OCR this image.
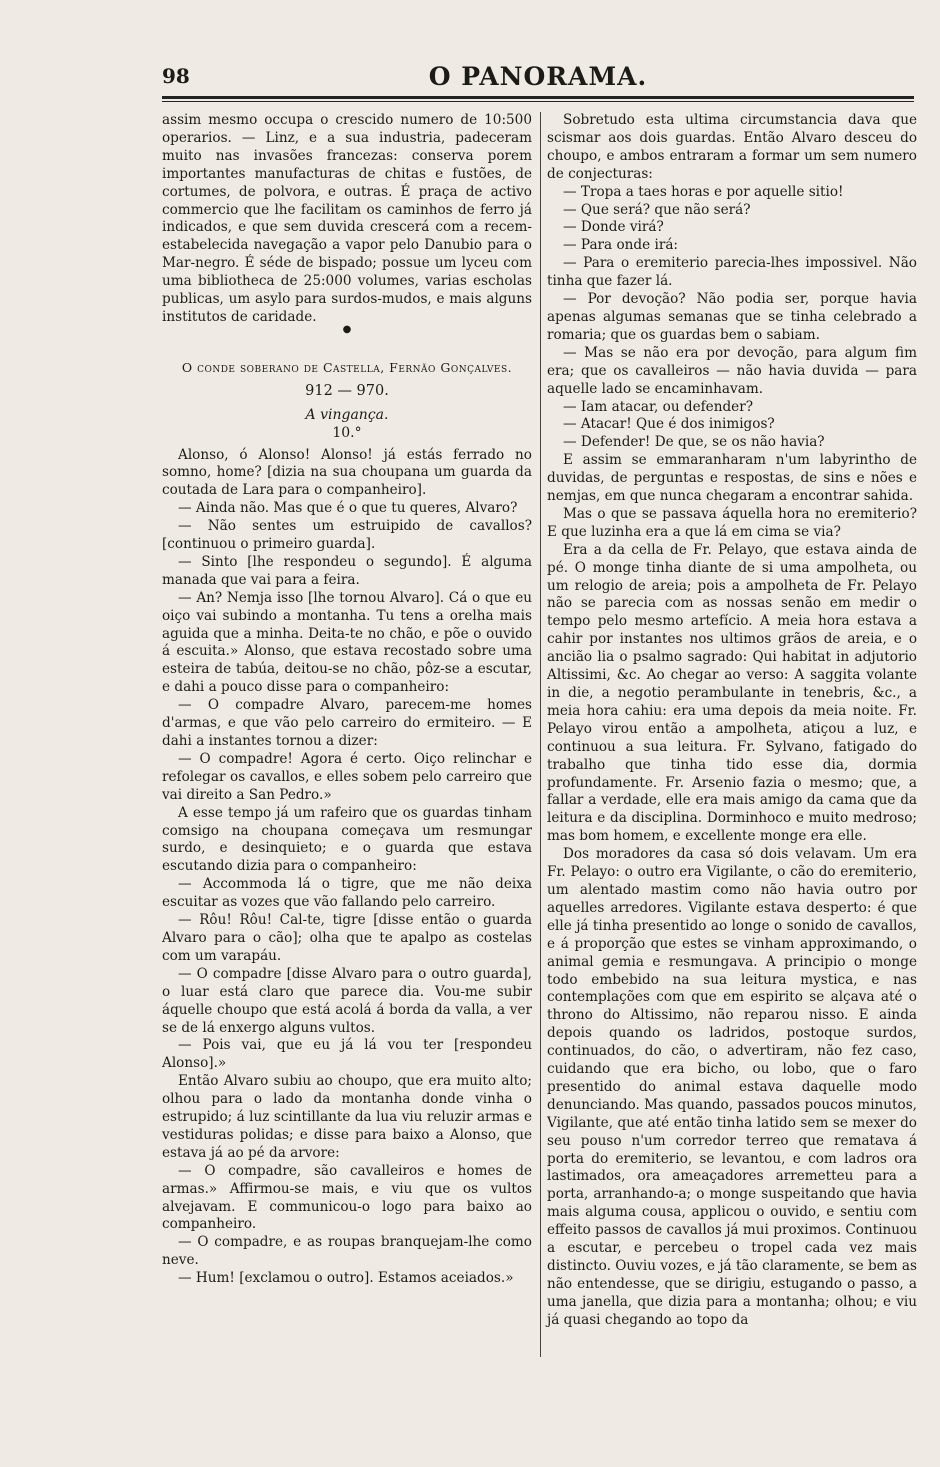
98	O PANORAMA.

assim mesmo occupa o crescido numero de 10:500 operarios. — Linz, e a sua industria, padeceram muito nas invasões francezas: conserva porem importantes manufacturas de chitas e fustões, de cortumes, de polvora, e outras. É praça de activo commercio que lhe facilitam os caminhos de ferro já indicados, e que sem duvida crescerá com a recem-estabelecida navegação a vapor pelo Danubio para o Mar-negro. É séde de bispado; possue um lyceu com uma bibliotheca de 25:000 volumes, varias escholas publicas, um asylo para surdos-mudos, e mais alguns institutos de caridade.

●

O conde soberano de Castella, Fernão Gonçalves.

912 — 970.

A vingança.

10.°

Alonso, ó Alonso! Alonso! já estás ferrado no somno, home? [dizia na sua choupana um guarda da coutada de Lara para o companheiro].

— Ainda não. Mas que é o que tu queres, Alvaro?

— Não sentes um estruipido de cavallos? [continuou o primeiro guarda].

— Sinto [lhe respondeu o segundo]. É alguma manada que vai para a feira.

— An? Nemja isso [lhe tornou Alvaro]. Cá o que eu oiço vai subindo a montanha. Tu tens a orelha mais aguida que a minha. Deita-te no chão, e põe o ouvido á escuita.» Alonso, que estava recostado sobre uma esteira de tabúa, deitou-se no chão, pôz-se a escutar, e dahi a pouco disse para o companheiro:

— O compadre Alvaro, parecem-me homes d'armas, e que vão pelo carreiro do ermiteiro. — E dahi a instantes tornou a dizer:

— O compadre! Agora é certo. Oiço relinchar e refolegar os cavallos, e elles sobem pelo carreiro que vai direito a San Pedro.»

A esse tempo já um rafeiro que os guardas tinham comsigo na choupana começava um resmungar surdo, e desinquieto; e o guarda que estava escutando dizia para o companheiro:

— Accommoda lá o tigre, que me não deixa escuitar as vozes que vão fallando pelo carreiro.

— Rôu! Rôu! Cal-te, tigre [disse então o guarda Alvaro para o cão]; olha que te apalpo as costelas com um varapáu.

— O compadre [disse Alvaro para o outro guarda], o luar está claro que parece dia. Vou-me subir áquelle choupo que está acolá á borda da valla, a ver se de lá enxergo alguns vultos.

— Pois vai, que eu já lá vou ter [respondeu Alonso].»

Então Alvaro subiu ao choupo, que era muito alto; olhou para o lado da montanha donde vinha o estrupido; á luz scintillante da lua viu reluzir armas e vestiduras polidas; e disse para baixo a Alonso, que estava já ao pé da arvore:

— O compadre, são cavalleiros e homes de armas.» Affirmou-se mais, e viu que os vultos alvejavam. E communicou-o logo para baixo ao companheiro.

— O compadre, e as roupas branquejam-lhe como neve.

— Hum! [exclamou o outro]. Estamos aceiados.»

Sobretudo esta ultima circumstancia dava que scismar aos dois guardas. Então Alvaro desceu do choupo, e ambos entraram a formar um sem numero de conjecturas:

— Tropa a taes horas e por aquelle sitio!

— Que será? que não será?

— Donde virá?

— Para onde irá:

— Para o eremiterio parecia-lhes impossivel. Não tinha que fazer lá.

— Por devoção? Não podia ser, porque havia apenas algumas semanas que se tinha celebrado a romaria; que os guardas bem o sabiam.

— Mas se não era por devoção, para algum fim era; que os cavalleiros — não havia duvida — para aquelle lado se encaminhavam.

— Iam atacar, ou defender?

— Atacar! Que é dos inimigos?

— Defender! De que, se os não havia?

E assim se emmaranharam n'um labyrintho de duvidas, de perguntas e respostas, de sins e nões e nemjas, em que nunca chegaram a encontrar sahida.

Mas o que se passava áquella hora no eremiterio? E que luzinha era a que lá em cima se via?

Era a da cella de Fr. Pelayo, que estava ainda de pé. O monge tinha diante de si uma ampolheta, ou um relogio de areia; pois a ampolheta de Fr. Pelayo não se parecia com as nossas senão em medir o tempo pelo mesmo artefício. A meia hora estava a cahir por instantes nos ultimos grãos de areia, e o ancião lia o psalmo sagrado: Qui habitat in adjutorio Altissimi, &c. Ao chegar ao verso: A saggita volante in die, a negotio perambulante in tenebris, &c., a meia hora cahiu: era uma depois da meia noite. Fr. Pelayo virou então a ampolheta, atiçou a luz, e continuou a sua leitura. Fr. Sylvano, fatigado do trabalho que tinha tido esse dia, dormia profundamente. Fr. Arsenio fazia o mesmo; que, a fallar a verdade, elle era mais amigo da cama que da leitura e da disciplina. Dorminhoco e muito medroso; mas bom homem, e excellente monge era elle.

Dos moradores da casa só dois velavam. Um era Fr. Pelayo: o outro era Vigilante, o cão do eremiterio, um alentado mastim como não havia outro por aquelles arredores. Vigilante estava desperto: é que elle já tinha presentido ao longe o sonido de cavallos, e á proporção que estes se vinham approximando, o animal gemia e resmungava. A principio o monge todo embebido na sua leitura mystica, e nas contemplações com que em espirito se alçava até o throno do Altissimo, não reparou nisso. E ainda depois quando os ladridos, postoque surdos, continuados, do cão, o advertiram, não fez caso, cuidando que era bicho, ou lobo, que o faro presentido do animal estava daquelle modo denunciando. Mas quando, passados poucos minutos, Vigilante, que até então tinha latido sem se mexer do seu pouso n'um corredor terreo que rematava á porta do eremiterio, se levantou, e com ladros ora lastimados, ora ameaçadores arremetteu para a porta, arranhando-a; o monge suspeitando que havia mais alguma cousa, applicou o ouvido, e sentiu com effeito passos de cavallos já mui proximos. Continuou a escutar, e percebeu o tropel cada vez mais distincto. Ouviu vozes, e já tão claramente, se bem as não entendesse, que se dirigiu, estugando o passo, a uma janella, que dizia para a montanha; olhou; e viu já quasi chegando ao topo da
